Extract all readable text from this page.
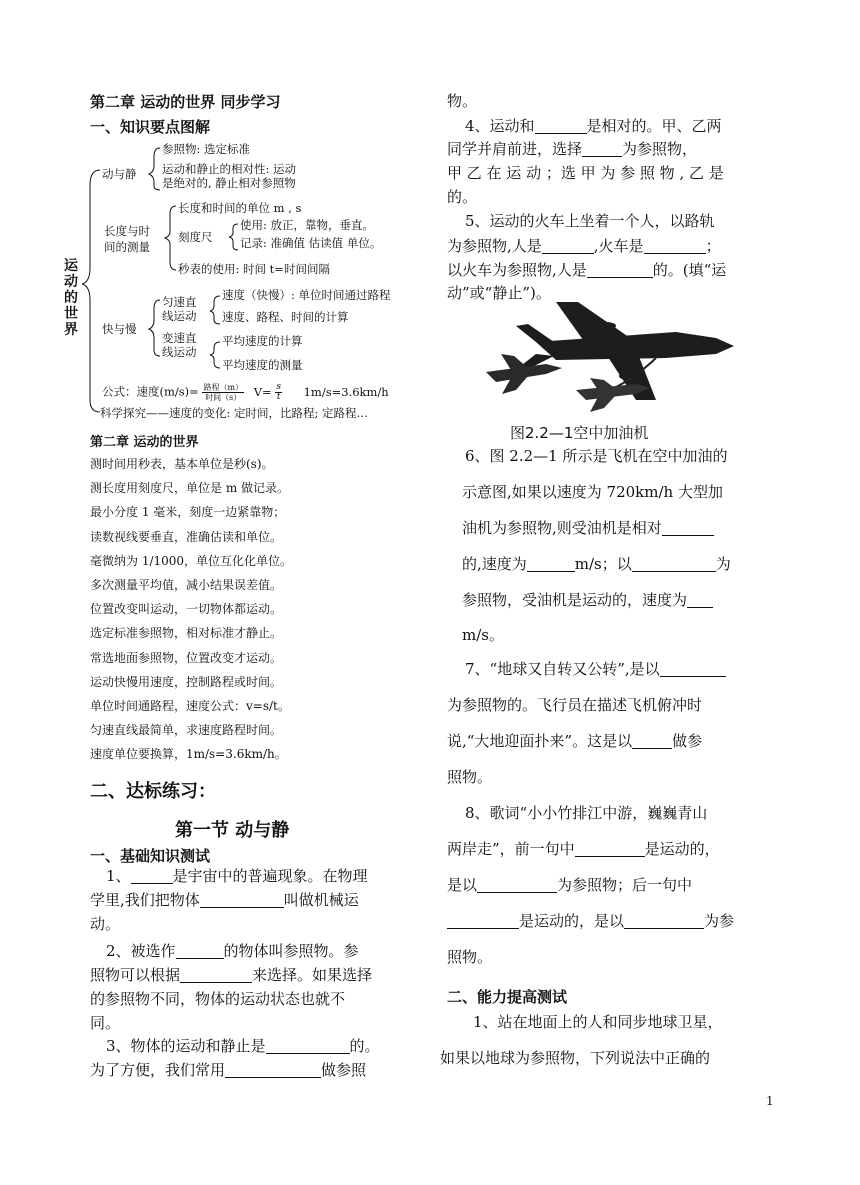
第二章 运动的世界 同步学习
一、知识要点图解
运动的世界
动与静
参照物: 选定标准
运动和静止的相对性: 运动
是绝对的, 静止相对参照物
长度与时
间的测量
长度和时间的单位 m , s
刻度尺
使用: 放正，靠物，垂直。
记录: 准确值 估读值 单位。
秒表的使用: 时间 t=时间间隔
快与慢
匀速直
线运动
速度（快慢）: 单位时间通过路程
速度、路程、时间的计算
变速直
线运动
平均速度的计算
平均速度的测量
公式：速度(m/s)= 路程（m）
时间（s） $V= \frac{s}{t} 1m/s=3.6km/h$
科学探究——速度的变化: 定时间，比路程; 定路程…
第二章 运动的世界
测时间用秒表，基本单位是秒(s)。
测长度用刻度尺，单位是 m 做记录。
最小分度 1 毫米，刻度一边紧靠物；
读数视线要垂直，准确估读和单位。
毫微纳为 1/1000，单位互化化单位。
多次测量平均值，减小结果误差值。
位置改变叫运动，一切物体都运动。
选定标准参照物，相对标准才静止。
常选地面参照物，位置改变才运动。
运动快慢用速度，控制路程或时间。
单位时间通路程，速度公式：v=s/t。
匀速直线最简单，求速度路程时间。
速度单位要换算，1m/s=3.6km/h。
二、达标练习：
第一节 动与静
一、基础知识测试
1、	是宇宙中的普遍现象。在物理
学里,我们把物体	叫做机械运
动。
2、被选作	的物体叫参照物。参
照物可以根据	来选择。如果选择
的参照物不同，物体的运动状态也就不
同。
3、物体的运动和静止是	的。
为了方便，我们常用	做参照
物。
4、运动和	是相对的。甲、乙两
同学并肩前进，选择	为参照物，
甲 乙 在 运 动 ；选 甲 为 参 照 物 , 乙 是
的。
5、运动的火车上坐着一个人，以路轨
为参照物,人是	,火车是	；
以火车为参照物,人是	的。(填“运
动”或“静止”)。
图2.2—1空中加油机
6、图 2.2—1 所示是飞机在空中加油的
示意图,如果以速度为 720km/h 大型加
油机为参照物,则受油机是相对
的,速度为	m/s；以	为
参照物，受油机是运动的，速度为
m/s。
7、“地球又自转又公转”,是以
为参照物的。飞行员在描述飞机俯冲时
说,“大地迎面扑来”。这是以	做参
照物。
8、歌词“小小竹排江中游，巍巍青山
两岸走”，前一句中	是运动的，
是以	为参照物；后一句中
是运动的，是以	为参
照物。
二、能力提高测试
1、站在地面上的人和同步地球卫星，
如果以地球为参照物，下列说法中正确的
1
